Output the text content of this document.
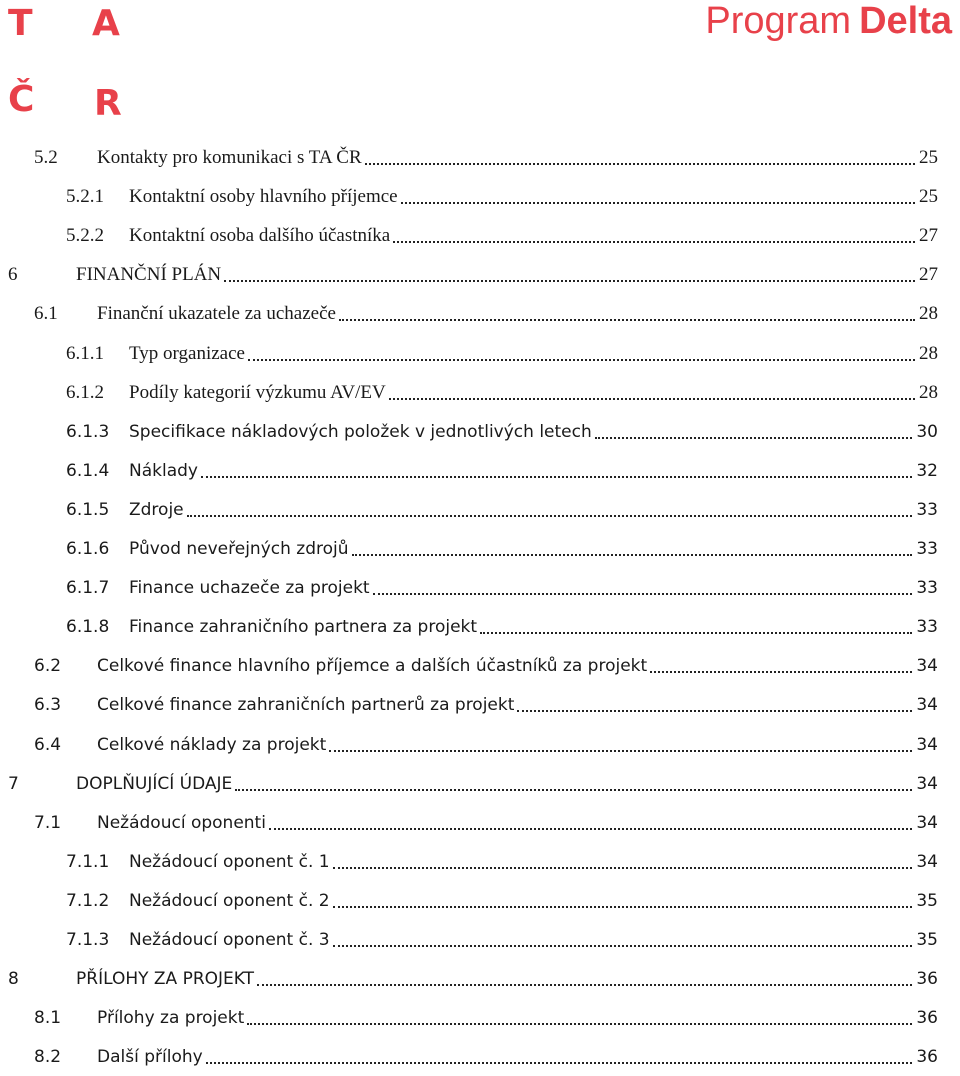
T A
Č R
Program Delta
5.2	Kontakty pro komunikaci s TA ČR	25
5.2.1	Kontaktní osoby hlavního příjemce	25
5.2.2	Kontaktní osoba dalšího účastníka	27
6	FINANČNÍ PLÁN	27
6.1	Finanční ukazatele za uchazeče	28
6.1.1	Typ organizace	28
6.1.2	Podíly kategorií výzkumu AV/EV	28
6.1.3	Specifikace nákladových položek v jednotlivých letech	30
6.1.4	Náklady	32
6.1.5	Zdroje	33
6.1.6	Původ neveřejných zdrojů	33
6.1.7	Finance uchazeče za projekt	33
6.1.8	Finance zahraničního partnera za projekt	33
6.2	Celkové finance hlavního příjemce a dalších účastníků za projekt	34
6.3	Celkové finance zahraničních partnerů za projekt	34
6.4	Celkové náklady za projekt	34
7	DOPLŇUJÍCÍ ÚDAJE	34
7.1	Nežádoucí oponenti	34
7.1.1	Nežádoucí oponent č. 1	34
7.1.2	Nežádoucí oponent č. 2	35
7.1.3	Nežádoucí oponent č. 3	35
8	PŘÍLOHY ZA PROJEKT	36
8.1	Přílohy za projekt	36
8.2	Další přílohy	36
